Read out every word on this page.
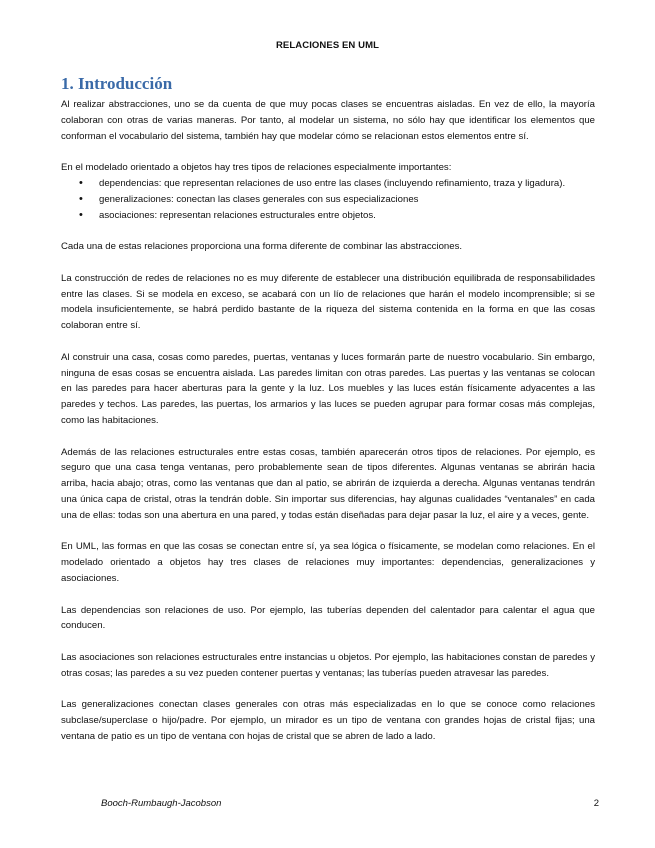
RELACIONES EN UML
1. Introducción

Al realizar abstracciones, uno se da cuenta de que muy pocas clases se encuentras aisladas. En vez de ello, la mayoría colaboran con otras de varias maneras. Por tanto, al modelar un sistema, no sólo hay que identificar los elementos que conforman el vocabulario del sistema, también hay que modelar cómo se relacionan estos elementos entre sí.

En el modelado orientado a objetos hay tres tipos de relaciones especialmente importantes:

• dependencias: que representan relaciones de uso entre las clases (incluyendo refinamiento, traza y ligadura).
• generalizaciones: conectan las clases generales con sus especializaciones
• asociaciones: representan relaciones estructurales entre objetos.

Cada una de estas relaciones proporciona una forma diferente de combinar las abstracciones.

La construcción de redes de relaciones no es muy diferente de establecer una distribución equilibrada de responsabilidades entre las clases. Si se modela en exceso, se acabará con un lío de relaciones que harán el modelo incomprensible; si se modela insuficientemente, se habrá perdido bastante de la riqueza del sistema contenida en la forma en que las cosas colaboran entre sí.

Al construir una casa, cosas como paredes, puertas, ventanas y luces formarán parte de nuestro vocabulario. Sin embargo, ninguna de esas cosas se encuentra aislada. Las paredes limitan con otras paredes. Las puertas y las ventanas se colocan en las paredes para hacer aberturas para la gente y la luz. Los muebles y las luces están físicamente adyacentes a las paredes y techos. Las paredes, las puertas, los armarios y las luces se pueden agrupar para formar cosas más complejas, como las habitaciones.

Además de las relaciones estructurales entre estas cosas, también aparecerán otros tipos de relaciones. Por ejemplo, es seguro que una casa tenga ventanas, pero probablemente sean de tipos diferentes. Algunas ventanas se abrirán hacia arriba, hacia abajo; otras, como las ventanas que dan al patio, se abrirán de izquierda a derecha. Algunas ventanas tendrán una única capa de cristal, otras la tendrán doble. Sin importar sus diferencias, hay algunas cualidades “ventanales” en cada una de ellas: todas son una abertura en una pared, y todas están diseñadas para dejar pasar la luz, el aire y a veces, gente.

En UML, las formas en que las cosas se conectan entre sí, ya sea lógica o físicamente, se modelan como relaciones. En el modelado orientado a objetos hay tres clases de relaciones muy importantes: dependencias, generalizaciones y asociaciones.

Las dependencias son relaciones de uso. Por ejemplo, las tuberías dependen del calentador para calentar el agua que conducen.

Las asociaciones son relaciones estructurales entre instancias u objetos. Por ejemplo, las habitaciones constan de paredes y otras cosas; las paredes a su vez pueden contener puertas y ventanas; las tuberías pueden atravesar las paredes.

Las generalizaciones conectan clases generales con otras más especializadas en lo que se conoce como relaciones subclase/superclase o hijo/padre. Por ejemplo, un mirador es un tipo de ventana con grandes hojas de cristal fijas; una ventana de patio es un tipo de ventana con hojas de cristal que se abren de lado a lado.

Booch-Rumbaugh-Jacobson	2
